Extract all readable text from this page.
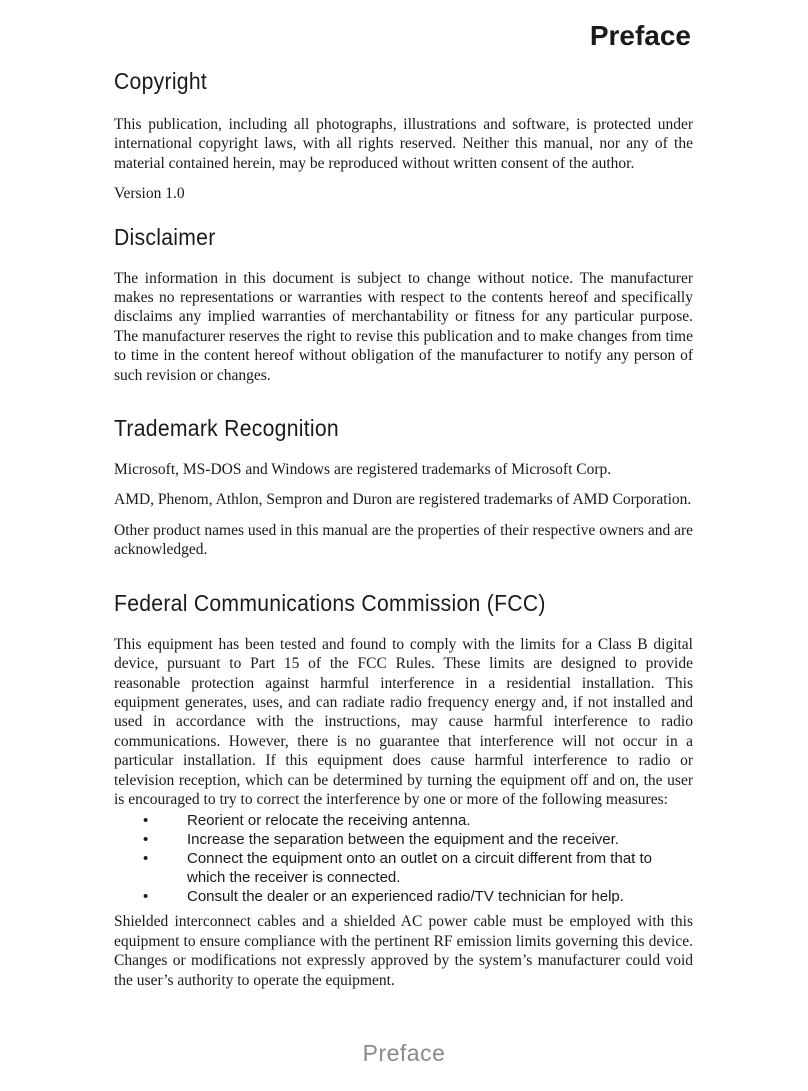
Preface
Copyright

This publication, including all photographs, illustrations and software, is protected under international copyright laws, with all rights reserved. Neither this manual, nor any of the material contained herein, may be reproduced without written consent of the author.

Version 1.0

Disclaimer

The information in this document is subject to change without notice. The manufacturer makes no representations or warranties with respect to the contents hereof and specifically disclaims any implied warranties of merchantability or fitness for any particular purpose. The manufacturer reserves the right to revise this publication and to make changes from time to time in the content hereof without obligation of the manufacturer to notify any person of such revision or changes.

Trademark Recognition

Microsoft, MS-DOS and Windows are registered trademarks of Microsoft Corp.

AMD, Phenom, Athlon, Sempron and Duron are registered trademarks of AMD Corporation.

Other product names used in this manual are the properties of their respective owners and are acknowledged.

Federal Communications Commission (FCC)

This equipment has been tested and found to comply with the limits for a Class B digital device, pursuant to Part 15 of the FCC Rules. These limits are designed to provide reasonable protection against harmful interference in a residential installation. This equipment generates, uses, and can radiate radio frequency energy and, if not installed and used in accordance with the instructions, may cause harmful interference to radio communications. However, there is no guarantee that interference will not occur in a particular installation. If this equipment does cause harmful interference to radio or television reception, which can be determined by turning the equipment off and on, the user is encouraged to try to correct the interference by one or more of the following measures:

•	Reorient or relocate the receiving antenna.
•	Increase the separation between the equipment and the receiver.
•	Connect the equipment onto an outlet on a circuit different from that to which the receiver is connected.
•	Consult the dealer or an experienced radio/TV technician for help.

Shielded interconnect cables and a shielded AC power cable must be employed with this equipment to ensure compliance with the pertinent RF emission limits governing this device. Changes or modifications not expressly approved by the system’s manufacturer could void the user’s authority to operate the equipment.

Preface
